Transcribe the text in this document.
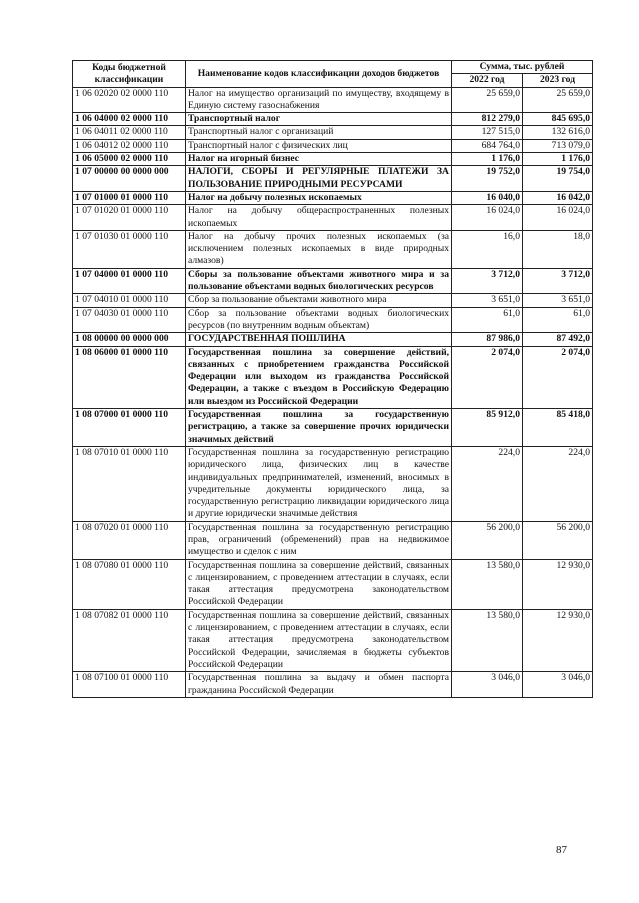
Коды бюджетной классификации	Наименование кодов классификации доходов бюджетов	Сумма, тыс. рублей	
		2022 год	2023 год
1 06 02020 02 0000 110	Налог на имущество организаций по имуществу, входящему в Единую систему газоснабжения	25 659,0	25 659,0
1 06 04000 02 0000 110	Транспортный налог	812 279,0	845 695,0
1 06 04011 02 0000 110	Транспортный налог с организаций	127 515,0	132 616,0
1 06 04012 02 0000 110	Транспортный налог с физических лиц	684 764,0	713 079,0
1 06 05000 02 0000 110	Налог на игорный бизнес	1 176,0	1 176,0
1 07 00000 00 0000 000	НАЛОГИ, СБОРЫ И РЕГУЛЯРНЫЕ ПЛАТЕЖИ ЗА ПОЛЬЗОВАНИЕ ПРИРОДНЫМИ РЕСУРСАМИ	19 752,0	19 754,0
1 07 01000 01 0000 110	Налог на добычу полезных ископаемых	16 040,0	16 042,0
1 07 01020 01 0000 110	Налог на добычу общераспространенных полезных ископаемых	16 024,0	16 024,0
1 07 01030 01 0000 110	Налог на добычу прочих полезных ископаемых (за исключением полезных ископаемых в виде природных алмазов)	16,0	18,0
1 07 04000 01 0000 110	Сборы за пользование объектами животного мира и за пользование объектами водных биологических ресурсов	3 712,0	3 712,0
1 07 04010 01 0000 110	Сбор за пользование объектами животного мира	3 651,0	3 651,0
1 07 04030 01 0000 110	Сбор за пользование объектами водных биологических ресурсов (по внутренним водным объектам)	61,0	61,0
1 08 00000 00 0000 000	ГОСУДАРСТВЕННАЯ ПОШЛИНА	87 986,0	87 492,0
1 08 06000 01 0000 110	Государственная пошлина за совершение действий, связанных с приобретением гражданства Российской Федерации или выходом из гражданства Российской Федерации, а также с въездом в Российскую Федерацию или выездом из Российской Федерации	2 074,0	2 074,0
1 08 07000 01 0000 110	Государственная пошлина за государственную регистрацию, а также за совершение прочих юридически значимых действий	85 912,0	85 418,0
1 08 07010 01 0000 110	Государственная пошлина за государственную регистрацию юридического лица, физических лиц в качестве индивидуальных предпринимателей, изменений, вносимых в учредительные документы юридического лица, за государственную регистрацию ликвидации юридического лица и другие юридически значимые действия	224,0	224,0
1 08 07020 01 0000 110	Государственная пошлина за государственную регистрацию прав, ограничений (обременений) прав на недвижимое имущество и сделок с ним	56 200,0	56 200,0
1 08 07080 01 0000 110	Государственная пошлина за совершение действий, связанных с лицензированием, с проведением аттестации в случаях, если такая аттестация предусмотрена законодательством Российской Федерации	13 580,0	12 930,0
1 08 07082 01 0000 110	Государственная пошлина за совершение действий, связанных с лицензированием, с проведением аттестации в случаях, если такая аттестация предусмотрена законодательством Российской Федерации, зачисляемая в бюджеты субъектов Российской Федерации	13 580,0	12 930,0
1 08 07100 01 0000 110	Государственная пошлина за выдачу и обмен паспорта гражданина Российской Федерации	3 046,0	3 046,0
87
